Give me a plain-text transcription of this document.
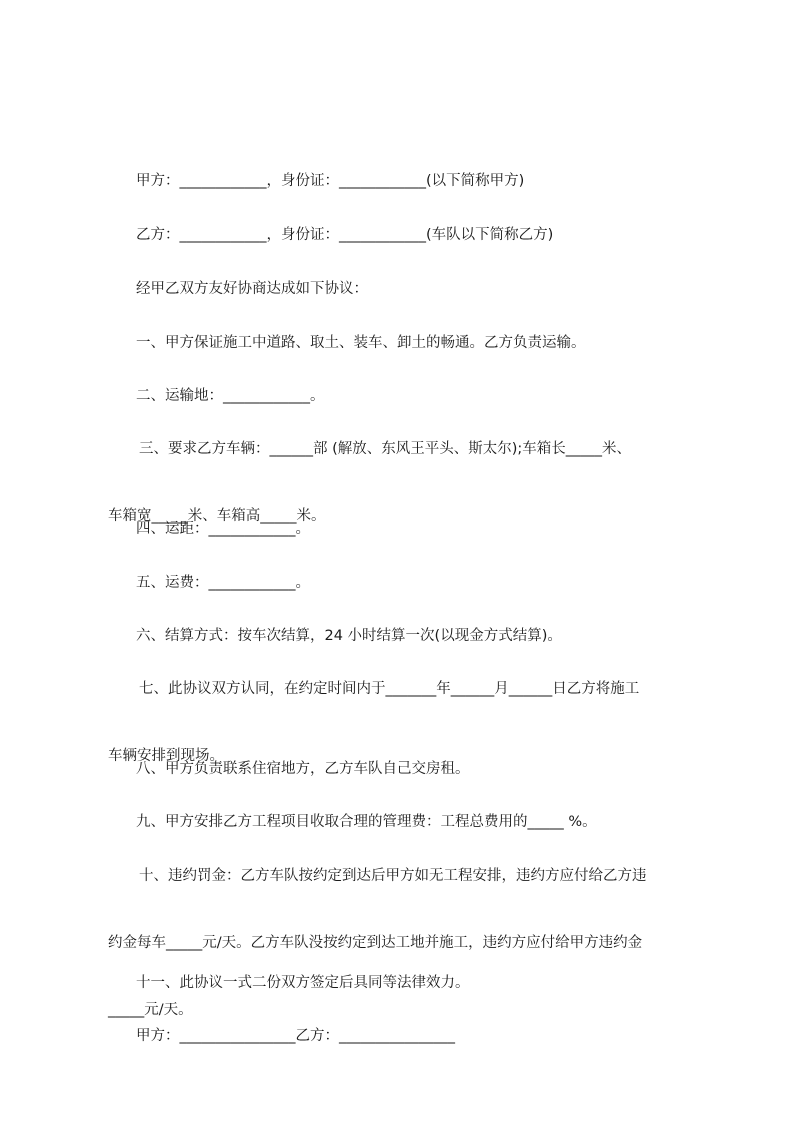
甲方：____________，身份证：____________(以下简称甲方)

乙方：____________，身份证：____________(车队以下简称乙方)

经甲乙双方友好协商达成如下协议：

一、甲方保证施工中道路、取土、装车、卸土的畅通。乙方负责运输。

二、运输地：____________。

三、要求乙方车辆：______部 (解放、东风王平头、斯太尔);车箱长_____米、

车箱宽_____米、车箱高_____米。

四、运距：____________。

五、运费：____________。

六、结算方式：按车次结算，24 小时结算一次(以现金方式结算)。

七、此协议双方认同，在约定时间内于_______年______月______日乙方将施工

车辆安排到现场。

八、甲方负责联系住宿地方，乙方车队自己交房租。

九、甲方安排乙方工程项目收取合理的管理费：工程总费用的_____ %。

十、违约罚金：乙方车队按约定到达后甲方如无工程安排，违约方应付给乙方违

约金每车_____元/天。乙方车队没按约定到达工地并施工，违约方应付给甲方违约金

_____元/天。

十一、此协议一式二份双方签定后具同等法律效力。

甲方：________________乙方：________________
